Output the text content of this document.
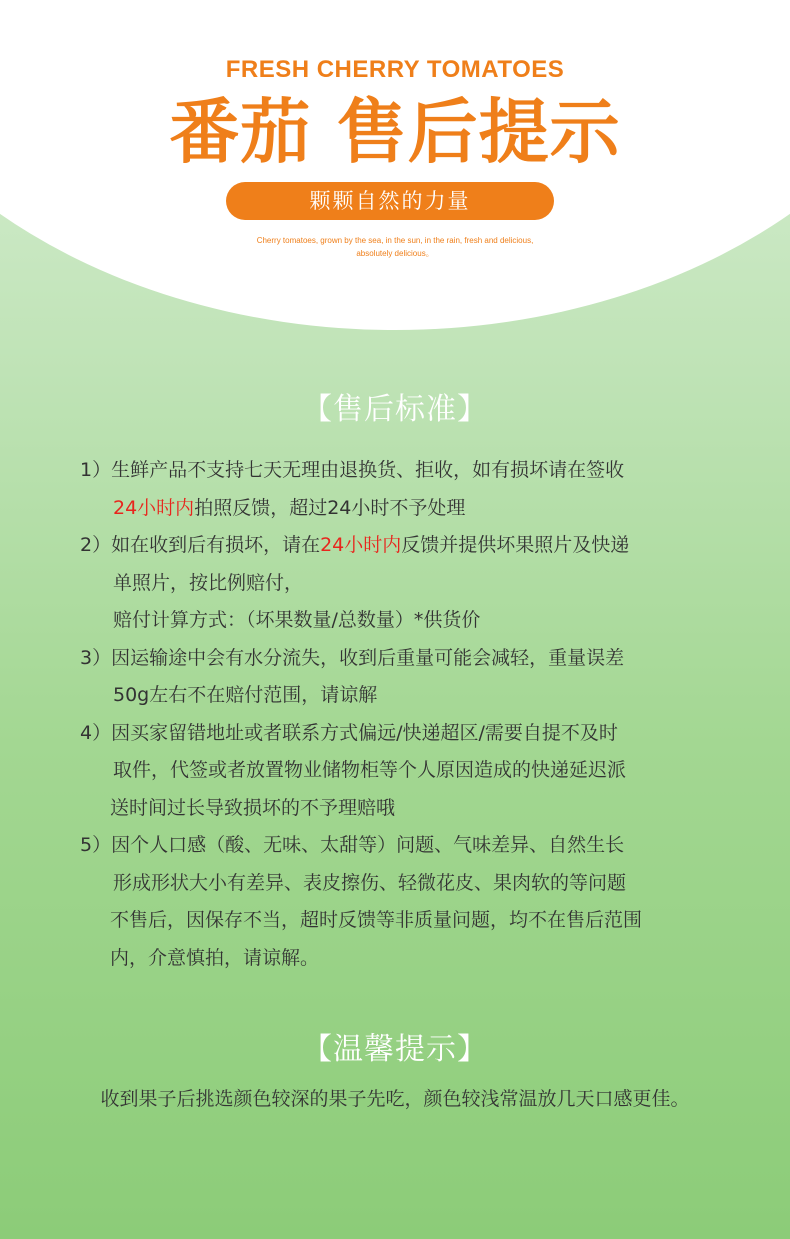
FRESH CHERRY TOMATOES
番茄 售后提示
颗颗自然的力量
Cherry tomatoes, grown by the sea, in the sun, in the rain, fresh and delicious,
absolutely delicious。
【售后标准】
1）生鲜产品不支持七天无理由退换货、拒收，如有损坏请在签收
24小时内拍照反馈，超过24小时不予处理
2）如在收到后有损坏，请在24小时内反馈并提供坏果照片及快递
单照片，按比例赔付，
赔付计算方式：（坏果数量/总数量）*供货价
3）因运输途中会有水分流失，收到后重量可能会减轻，重量误差
50g左右不在赔付范围，请谅解
4）因买家留错地址或者联系方式偏远/快递超区/需要自提不及时
取件，代签或者放置物业储物柜等个人原因造成的快递延迟派
送时间过长导致损坏的不予理赔哦
5）因个人口感（酸、无味、太甜等）问题、气味差异、自然生长
形成形状大小有差异、表皮擦伤、轻微花皮、果肉软的等问题
不售后，因保存不当，超时反馈等非质量问题，均不在售后范围
内，介意慎拍，请谅解。
【温馨提示】
收到果子后挑选颜色较深的果子先吃，颜色较浅常温放几天口感更佳。
